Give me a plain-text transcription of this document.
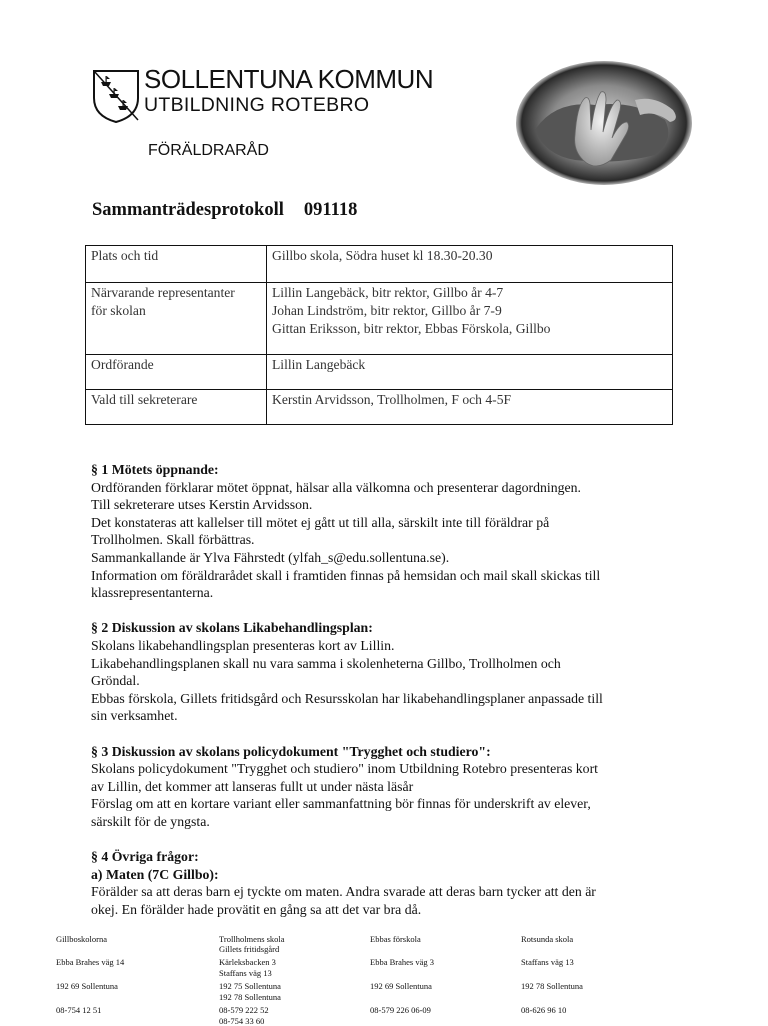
SOLLENTUNA KOMMUN
UTBILDNING ROTEBRO
FÖRÄLDRARÅD
Sammanträdesprotokoll 091118
Plats och tid	Gillbo skola, Södra huset kl 18.30-20.30

Närvarande representanter
för skolan	Lillin Langebäck, bitr rektor, Gillbo år 4-7
Johan Lindström, bitr rektor, Gillbo år 7-9
Gittan Eriksson, bitr rektor, Ebbas Förskola, Gillbo

Ordförande	Lillin Langebäck

Vald till sekreterare	Kerstin Arvidsson, Trollholmen, F och 4-5F
§ 1 Mötets öppnande:

Ordföranden förklarar mötet öppnat, hälsar alla välkomna och presenterar dagordningen.

Till sekreterare utses Kerstin Arvidsson.

Det konstateras att kallelser till mötet ej gått ut till alla, särskilt inte till föräldrar på

Trollholmen. Skall förbättras.

Sammankallande är Ylva Fährstedt (ylfah_s@edu.sollentuna.se).

Information om föräldrarådet skall i framtiden finnas på hemsidan och mail skall skickas till

klassrepresentanterna.

§ 2 Diskussion av skolans Likabehandlingsplan:

Skolans likabehandlingsplan presenteras kort av Lillin.

Likabehandlingsplanen skall nu vara samma i skolenheterna Gillbo, Trollholmen och

Gröndal.

Ebbas förskola, Gillets fritidsgård och Resursskolan har likabehandlingsplaner anpassade till

sin verksamhet.

§ 3 Diskussion av skolans policydokument "Trygghet och studiero":

Skolans policydokument "Trygghet och studiero" inom Utbildning Rotebro presenteras kort

av Lillin, det kommer att lanseras fullt ut under nästa läsår

Förslag om att en kortare variant eller sammanfattning bör finnas för underskrift av elever,

särskilt för de yngsta.

§ 4 Övriga frågor:
a) Maten (7C Gillbo):

Förälder sa att deras barn ej tyckte om maten. Andra svarade att deras barn tycker att den är

okej. En förälder hade provätit en gång sa att det var bra då.

Gillboskolorna
Ebba Brahes väg 14
192 69 Sollentuna
08-754 12 51
Trollholmens skola
Gillets fritidsgård
Kärleksbacken 3
Staffans väg 13
192 75 Sollentuna
192 78 Sollentuna
08-579 222 52
08-754 33 60
Ebbas förskola
Ebba Brahes väg 3
192 69 Sollentuna
08-579 226 06-09
Rotsunda skola
Staffans väg 13
192 78 Sollentuna
08-626 96 10
